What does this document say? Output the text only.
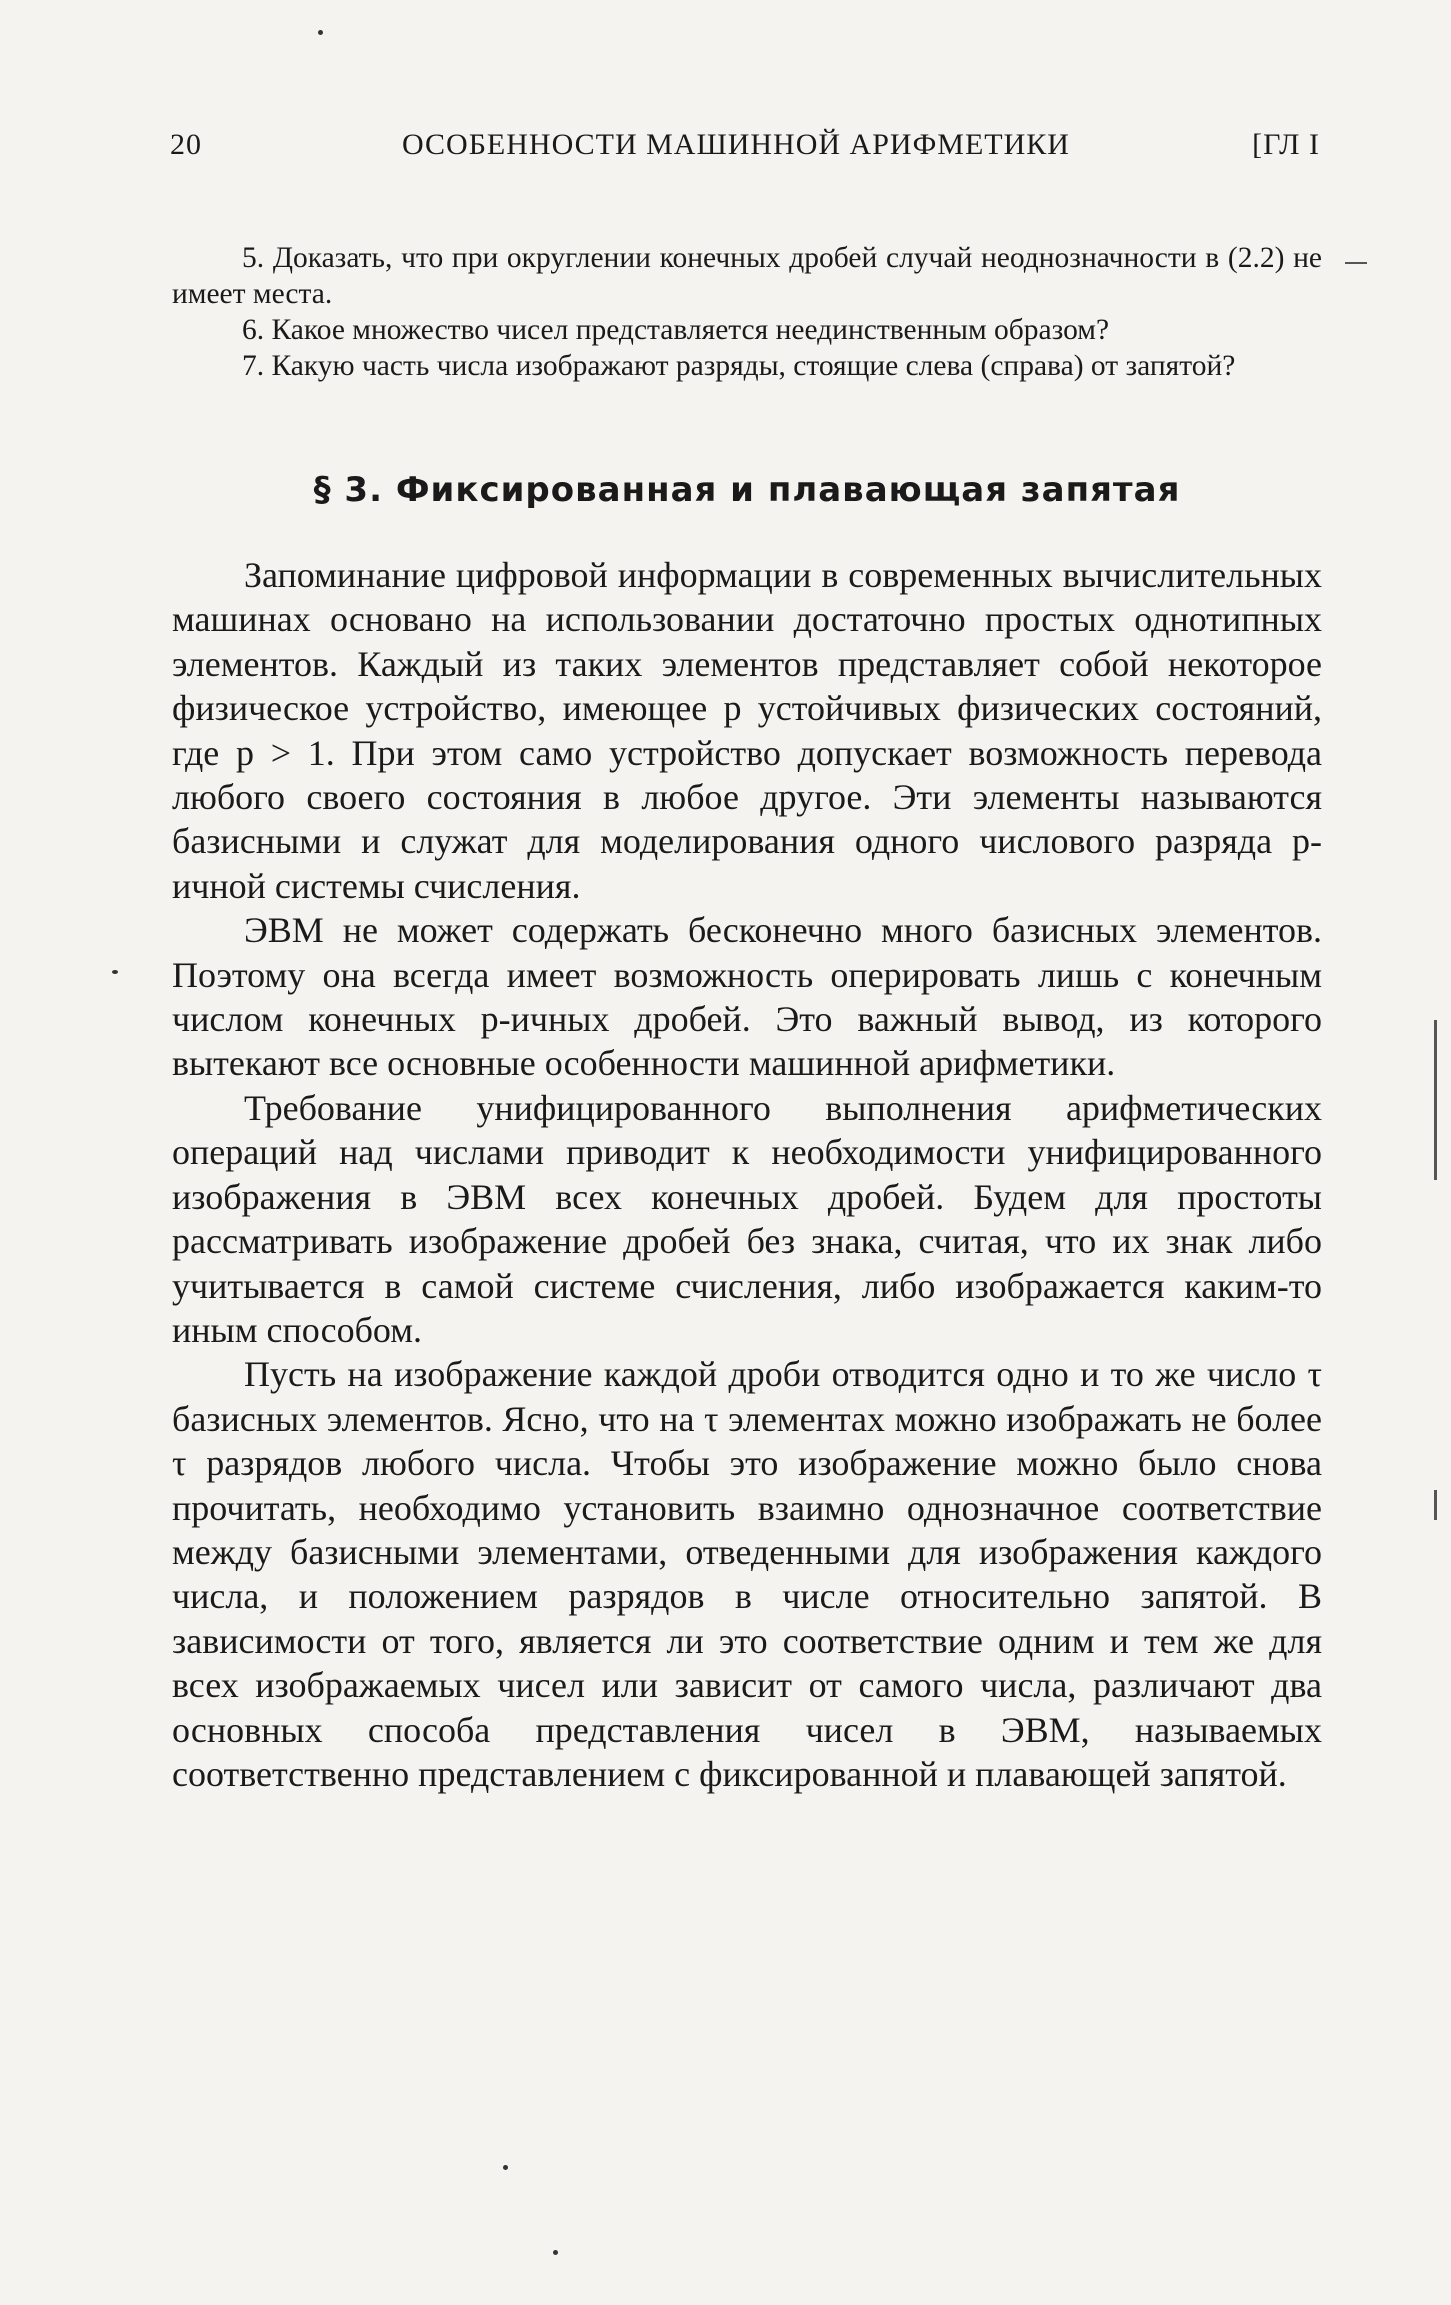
20	ОСОБЕННОСТИ МАШИННОЙ АРИФМЕТИКИ	[ГЛ I

5. Доказать, что при округлении конечных дробей случай неоднозначности в (2.2) не имеет места.

6. Какое множество чисел представляется неединственным образом?

7. Какую часть числа изображают разряды, стоящие слева (справа) от запятой?

§ 3. Фиксированная и плавающая запятая

Запоминание цифровой информации в современных вычислительных машинах основано на использовании достаточно простых однотипных элементов. Каждый из таких элементов представляет собой некоторое физическое устройство, имеющее p устойчивых физических состояний, где p > 1. При этом само устройство допускает возможность перевода любого своего состояния в любое другое. Эти элементы называются базисными и служат для моделирования одного числового разряда p-ичной системы счисления.

ЭВМ не может содержать бесконечно много базисных элементов. Поэтому она всегда имеет возможность оперировать лишь с конечным числом конечных p-ичных дробей. Это важный вывод, из которого вытекают все основные особенности машинной арифметики.

Требование унифицированного выполнения арифметических операций над числами приводит к необходимости унифицированного изображения в ЭВМ всех конечных дробей. Будем для простоты рассматривать изображение дробей без знака, считая, что их знак либо учитывается в самой системе счисления, либо изображается каким-то иным способом.

Пусть на изображение каждой дроби отводится одно и то же число τ базисных элементов. Ясно, что на τ элементах можно изображать не более τ разрядов любого числа. Чтобы это изображение можно было снова прочитать, необходимо установить взаимно однозначное соответствие между базисными элементами, отведенными для изображения каждого числа, и положением разрядов в числе относительно запятой. В зависимости от того, является ли это соответствие одним и тем же для всех изображаемых чисел или зависит от самого числа, различают два основных способа представления чисел в ЭВМ, называемых соответственно представлением с фиксированной и плавающей запятой.
